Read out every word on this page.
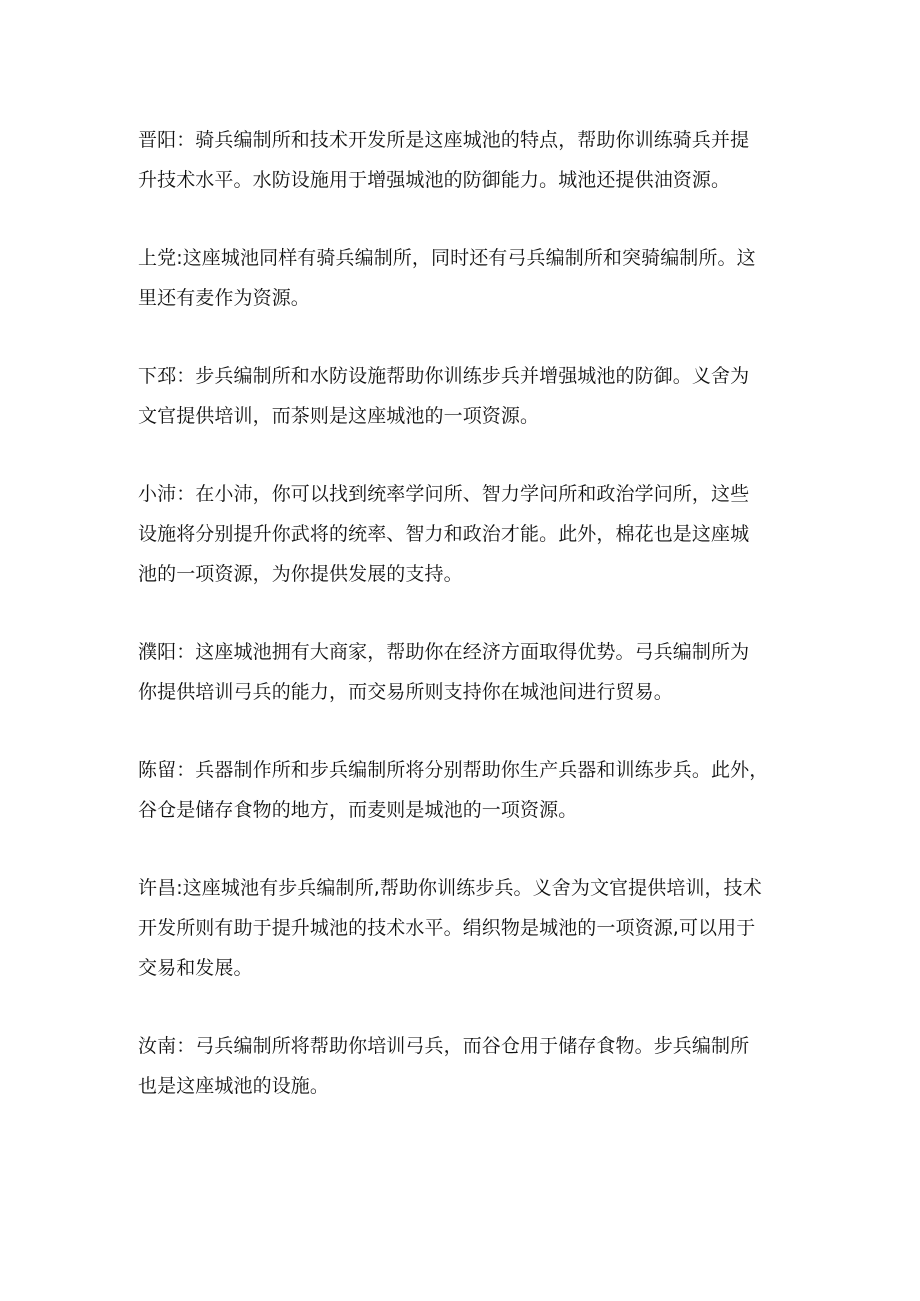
晋阳：骑兵编制所和技术开发所是这座城池的特点，帮助你训练骑兵并提
升技术水平。水防设施用于增强城池的防御能力。城池还提供油资源。

上党:这座城池同样有骑兵编制所，同时还有弓兵编制所和突骑编制所。这
里还有麦作为资源。

下邳：步兵编制所和水防设施帮助你训练步兵并增强城池的防御。义舍为
文官提供培训，而茶则是这座城池的一项资源。

小沛：在小沛，你可以找到统率学问所、智力学问所和政治学问所，这些
设施将分别提升你武将的统率、智力和政治才能。此外，棉花也是这座城
池的一项资源，为你提供发展的支持。

濮阳：这座城池拥有大商家，帮助你在经济方面取得优势。弓兵编制所为
你提供培训弓兵的能力，而交易所则支持你在城池间进行贸易。

陈留：兵器制作所和步兵编制所将分别帮助你生产兵器和训练步兵。此外，
谷仓是储存食物的地方，而麦则是城池的一项资源。

许昌:这座城池有步兵编制所,帮助你训练步兵。义舍为文官提供培训，技术
开发所则有助于提升城池的技术水平。绢织物是城池的一项资源,可以用于
交易和发展。

汝南：弓兵编制所将帮助你培训弓兵，而谷仓用于储存食物。步兵编制所
也是这座城池的设施。
